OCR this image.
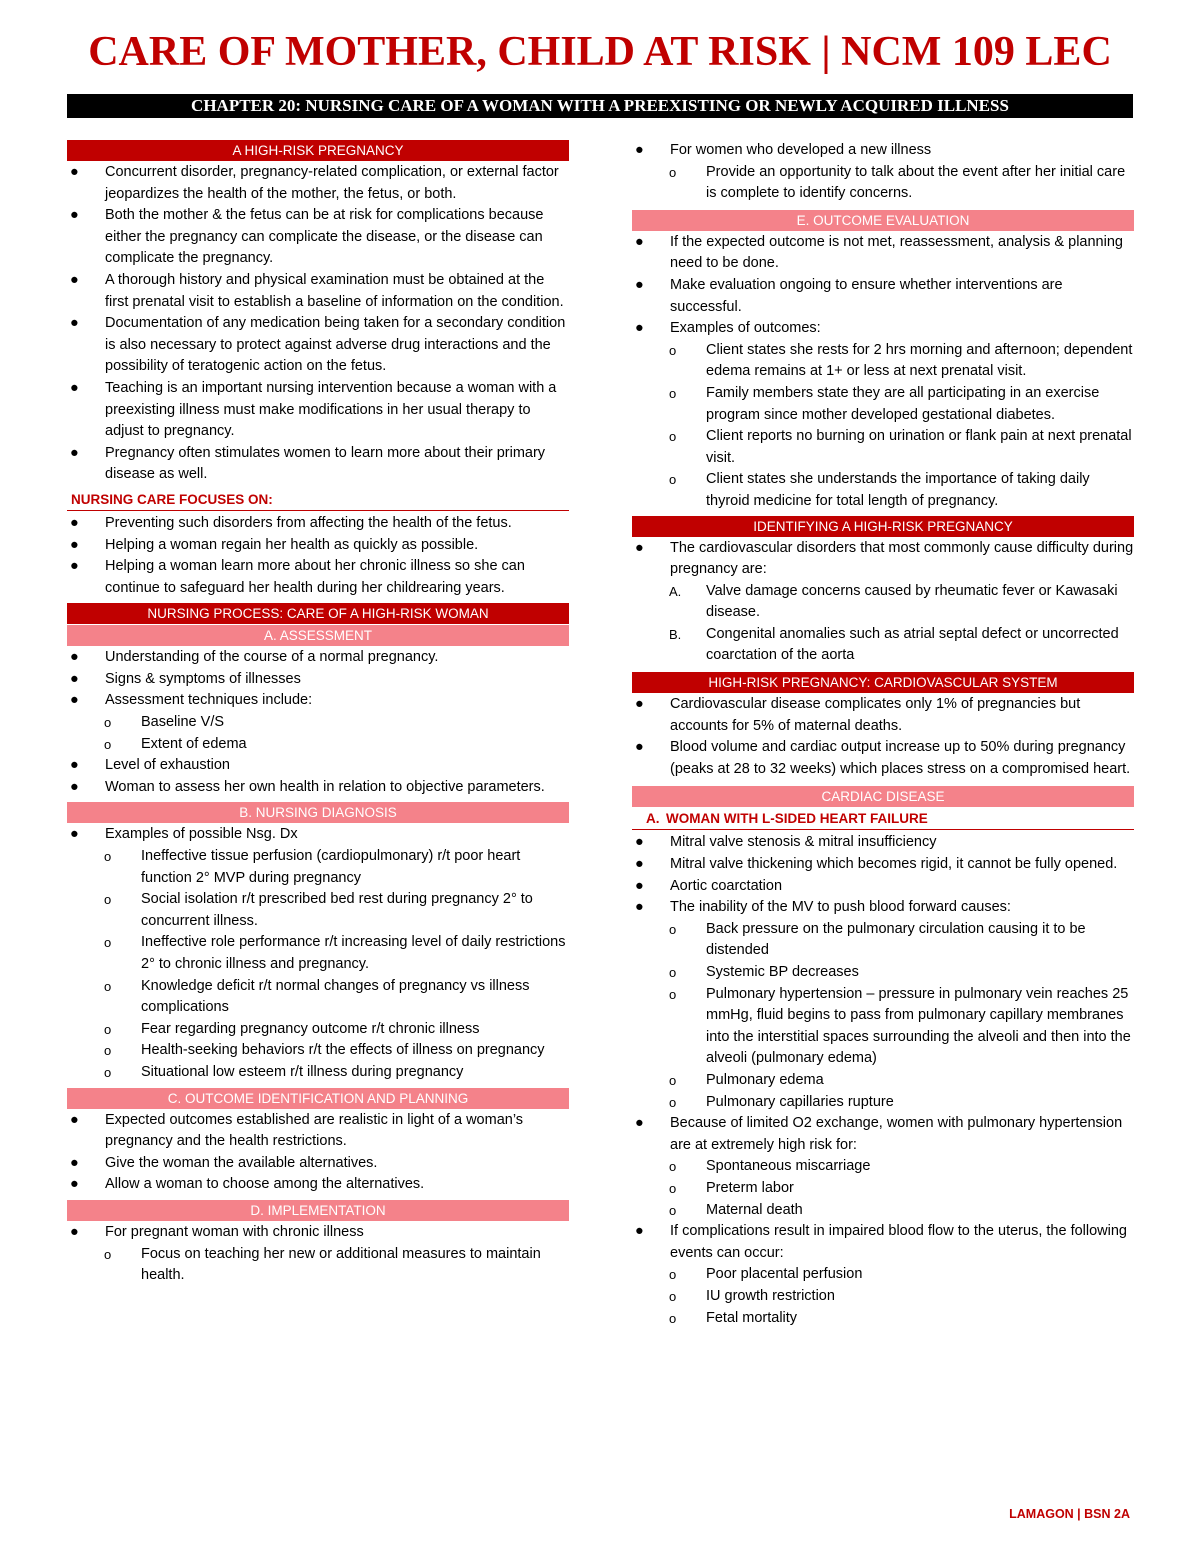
CARE OF MOTHER, CHILD AT RISK | NCM 109 LEC
CHAPTER 20: NURSING CARE OF A WOMAN WITH A PREEXISTING OR NEWLY ACQUIRED ILLNESS
A HIGH-RISK PREGNANCY
● Concurrent disorder, pregnancy-related complication, or external factor jeopardizes the health of the mother, the fetus, or both.
● Both the mother & the fetus can be at risk for complications because either the pregnancy can complicate the disease, or the disease can complicate the pregnancy.
● A thorough history and physical examination must be obtained at the first prenatal visit to establish a baseline of information on the condition.
● Documentation of any medication being taken for a secondary condition is also necessary to protect against adverse drug interactions and the possibility of teratogenic action on the fetus.
● Teaching is an important nursing intervention because a woman with a preexisting illness must make modifications in her usual therapy to adjust to pregnancy.
● Pregnancy often stimulates women to learn more about their primary disease as well.
NURSING CARE FOCUSES ON:
● Preventing such disorders from affecting the health of the fetus.
● Helping a woman regain her health as quickly as possible.
● Helping a woman learn more about her chronic illness so she can continue to safeguard her health during her childrearing years.
NURSING PROCESS: CARE OF A HIGH-RISK WOMAN
A. ASSESSMENT
● Understanding of the course of a normal pregnancy.
● Signs & symptoms of illnesses
● Assessment techniques include:
o Baseline V/S
o Extent of edema
● Level of exhaustion
● Woman to assess her own health in relation to objective parameters.
B. NURSING DIAGNOSIS
● Examples of possible Nsg. Dx
o Ineffective tissue perfusion (cardiopulmonary) r/t poor heart function 2° MVP during pregnancy
o Social isolation r/t prescribed bed rest during pregnancy 2° to concurrent illness.
o Ineffective role performance r/t increasing level of daily restrictions 2° to chronic illness and pregnancy.
o Knowledge deficit r/t normal changes of pregnancy vs illness complications
o Fear regarding pregnancy outcome r/t chronic illness
o Health-seeking behaviors r/t the effects of illness on pregnancy
o Situational low esteem r/t illness during pregnancy
C. OUTCOME IDENTIFICATION AND PLANNING
● Expected outcomes established are realistic in light of a woman’s pregnancy and the health restrictions.
● Give the woman the available alternatives.
● Allow a woman to choose among the alternatives.
D. IMPLEMENTATION
● For pregnant woman with chronic illness
o Focus on teaching her new or additional measures to maintain health.
● For women who developed a new illness
o Provide an opportunity to talk about the event after her initial care is complete to identify concerns.
E. OUTCOME EVALUATION
● If the expected outcome is not met, reassessment, analysis & planning need to be done.
● Make evaluation ongoing to ensure whether interventions are successful.
● Examples of outcomes:
o Client states she rests for 2 hrs morning and afternoon; dependent edema remains at 1+ or less at next prenatal visit.
o Family members state they are all participating in an exercise program since mother developed gestational diabetes.
o Client reports no burning on urination or flank pain at next prenatal visit.
o Client states she understands the importance of taking daily thyroid medicine for total length of pregnancy.
IDENTIFYING A HIGH-RISK PREGNANCY
● The cardiovascular disorders that most commonly cause difficulty during pregnancy are:
A. Valve damage concerns caused by rheumatic fever or Kawasaki disease.
B. Congenital anomalies such as atrial septal defect or uncorrected coarctation of the aorta
HIGH-RISK PREGNANCY: CARDIOVASCULAR SYSTEM
● Cardiovascular disease complicates only 1% of pregnancies but accounts for 5% of maternal deaths.
● Blood volume and cardiac output increase up to 50% during pregnancy (peaks at 28 to 32 weeks) which places stress on a compromised heart.
CARDIAC DISEASE
A. WOMAN WITH L-SIDED HEART FAILURE
● Mitral valve stenosis & mitral insufficiency
● Mitral valve thickening which becomes rigid, it cannot be fully opened.
● Aortic coarctation
● The inability of the MV to push blood forward causes:
o Back pressure on the pulmonary circulation causing it to be distended
o Systemic BP decreases
o Pulmonary hypertension – pressure in pulmonary vein reaches 25 mmHg, fluid begins to pass from pulmonary capillary membranes into the interstitial spaces surrounding the alveoli and then into the alveoli (pulmonary edema)
o Pulmonary edema
o Pulmonary capillaries rupture
● Because of limited O2 exchange, women with pulmonary hypertension are at extremely high risk for:
o Spontaneous miscarriage
o Preterm labor
o Maternal death
● If complications result in impaired blood flow to the uterus, the following events can occur:
o Poor placental perfusion
o IU growth restriction
o Fetal mortality
LAMAGON | BSN 2A
